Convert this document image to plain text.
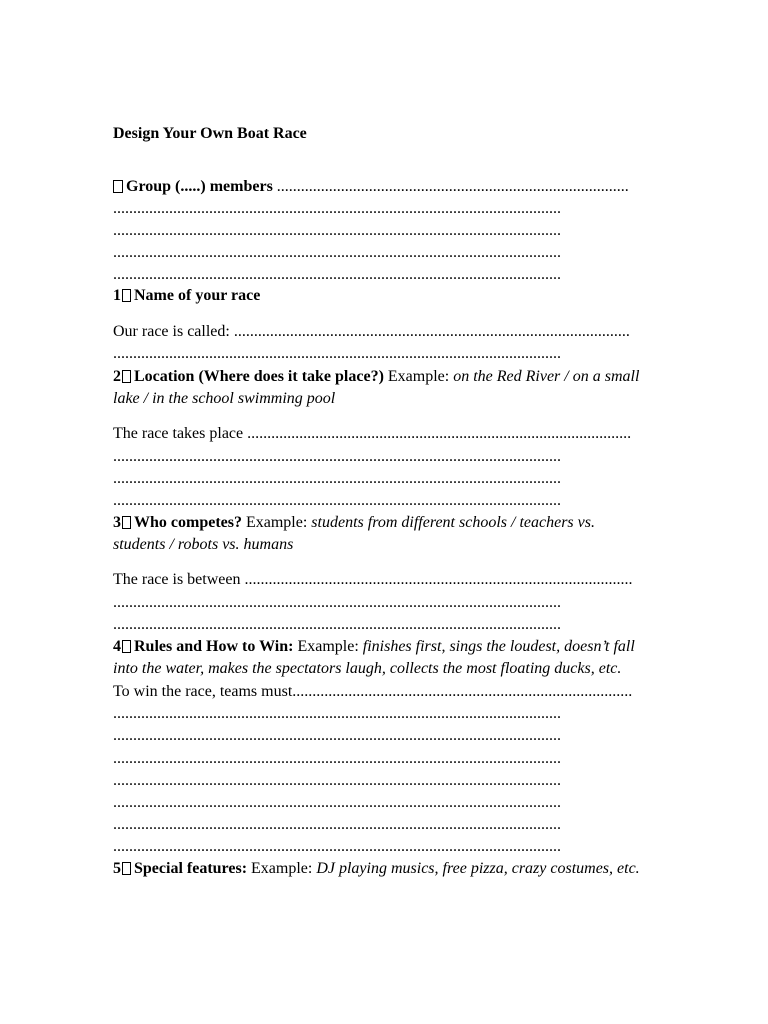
Design Your Own Boat Race
Group (.....) members ........................................................................................
................................................................................................................
................................................................................................................
................................................................................................................
................................................................................................................
1 Name of your race
Our race is called: ...................................................................................................
................................................................................................................
2 Location (Where does it take place?) Example: on the Red River / on a small
lake / in the school swimming pool
The race takes place ................................................................................................
................................................................................................................
................................................................................................................
................................................................................................................
3 Who competes? Example: students from different schools / teachers vs.
students / robots vs. humans
The race is between .................................................................................................
................................................................................................................
................................................................................................................
4 Rules and How to Win: Example: finishes first, sings the loudest, doesn’t fall
into the water, makes the spectators laugh, collects the most floating ducks, etc.
To win the race, teams must.....................................................................................
................................................................................................................
................................................................................................................
................................................................................................................
................................................................................................................
................................................................................................................
................................................................................................................
................................................................................................................
5 Special features: Example: DJ playing musics, free pizza, crazy costumes, etc.
